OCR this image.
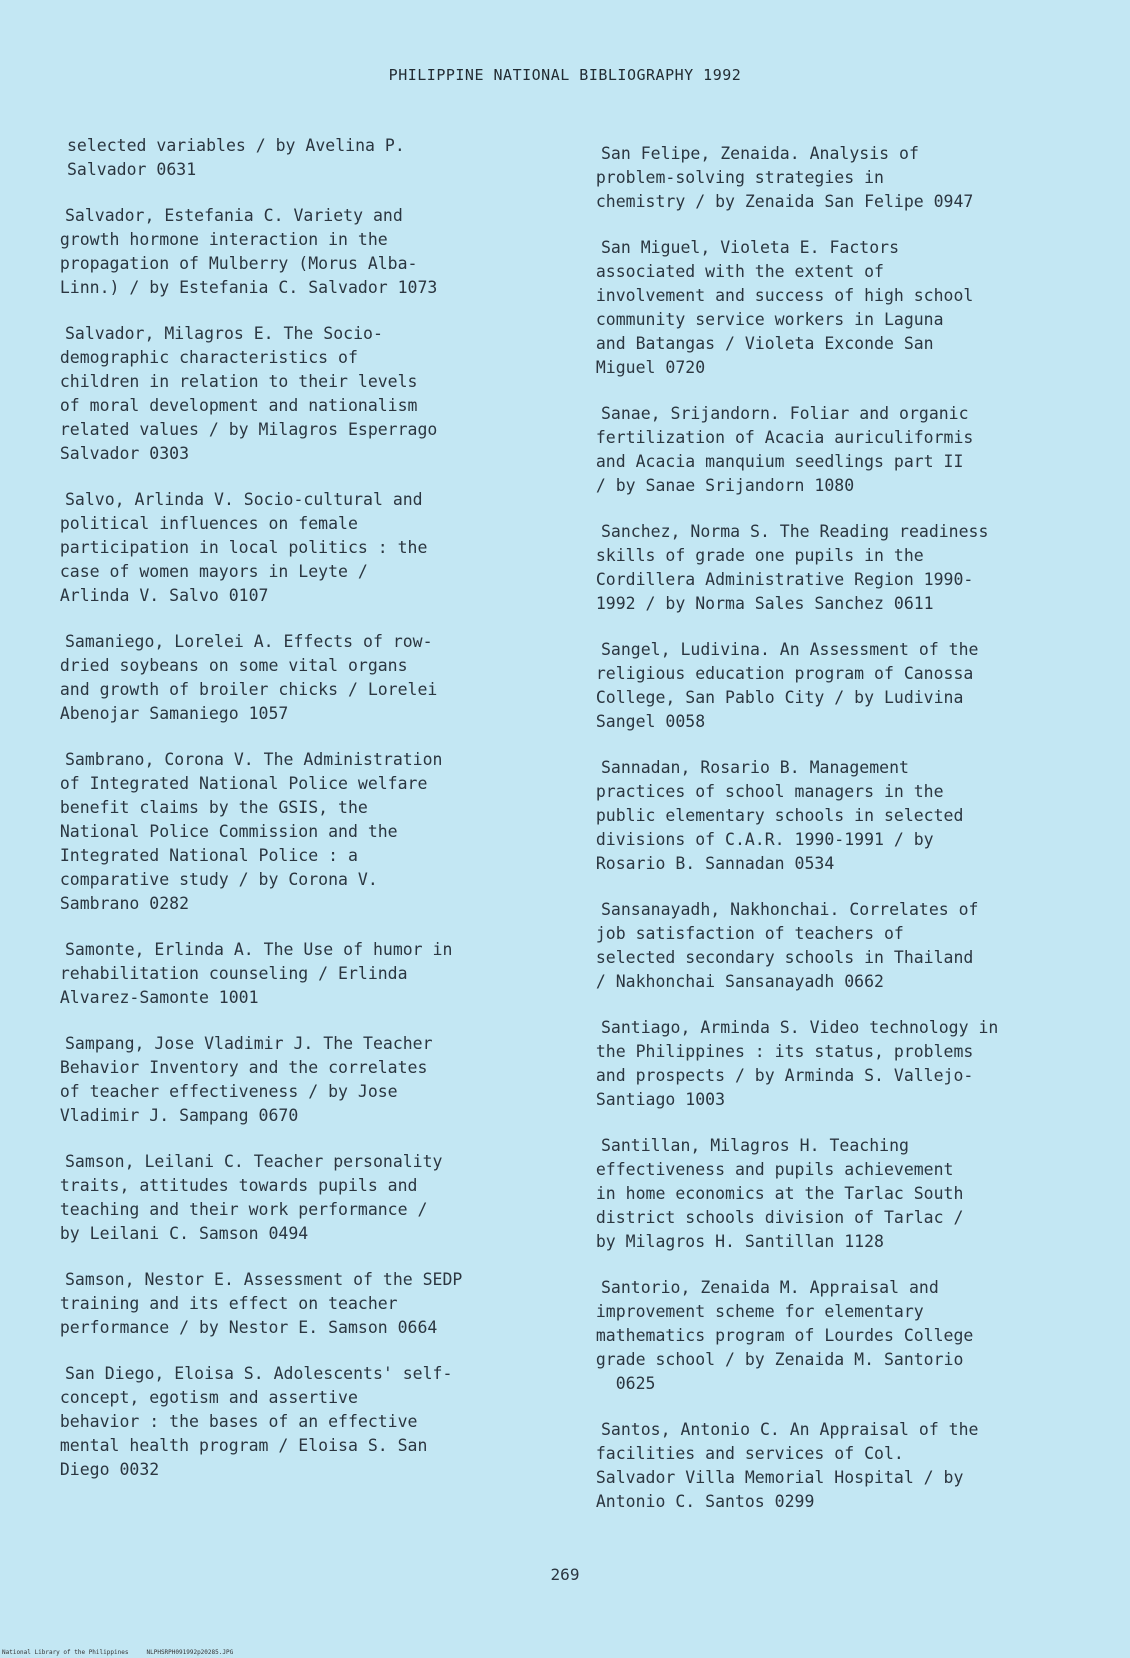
PHILIPPINE NATIONAL BIBLIOGRAPHY 1992
selected variables / by Avelina P.
Salvador 0631
Salvador, Estefania C. Variety and
growth hormone interaction in the
propagation of Mulberry (Morus Alba-
Linn.) / by Estefania C. Salvador 1073
Salvador, Milagros E. The Socio-
demographic characteristics of
children in relation to their levels
of moral development and nationalism
related values / by Milagros Esperrago
Salvador 0303
Salvo, Arlinda V. Socio-cultural and
political influences on female
participation in local politics : the
case of women mayors in Leyte /
Arlinda V. Salvo 0107
Samaniego, Lorelei A. Effects of row-
dried soybeans on some vital organs
and growth of broiler chicks / Lorelei
Abenojar Samaniego 1057
Sambrano, Corona V. The Administration
of Integrated National Police welfare
benefit claims by the GSIS, the
National Police Commission and the
Integrated National Police : a
comparative study / by Corona V.
Sambrano 0282
Samonte, Erlinda A. The Use of humor in
rehabilitation counseling / Erlinda
Alvarez-Samonte 1001
Sampang, Jose Vladimir J. The Teacher
Behavior Inventory and the correlates
of teacher effectiveness / by Jose
Vladimir J. Sampang 0670
Samson, Leilani C. Teacher personality
traits, attitudes towards pupils and
teaching and their work performance /
by Leilani C. Samson 0494
Samson, Nestor E. Assessment of the SEDP
training and its effect on teacher
performance / by Nestor E. Samson 0664
San Diego, Eloisa S. Adolescents' self-
concept, egotism and assertive
behavior : the bases of an effective
mental health program / Eloisa S. San
Diego 0032
San Felipe, Zenaida. Analysis of
problem-solving strategies in
chemistry / by Zenaida San Felipe 0947
San Miguel, Violeta E. Factors
associated with the extent of
involvement and success of high school
community service workers in Laguna
and Batangas / Violeta Exconde San
Miguel 0720
Sanae, Srijandorn. Foliar and organic
fertilization of Acacia auriculiformis
and Acacia manquium seedlings part II
/ by Sanae Srijandorn 1080
Sanchez, Norma S. The Reading readiness
skills of grade one pupils in the
Cordillera Administrative Region 1990-
1992 / by Norma Sales Sanchez 0611
Sangel, Ludivina. An Assessment of the
religious education program of Canossa
College, San Pablo City / by Ludivina
Sangel 0058
Sannadan, Rosario B. Management
practices of school managers in the
public elementary schools in selected
divisions of C.A.R. 1990-1991 / by
Rosario B. Sannadan 0534
Sansanayadh, Nakhonchai. Correlates of
job satisfaction of teachers of
selected secondary schools in Thailand
/ Nakhonchai Sansanayadh 0662
Santiago, Arminda S. Video technology in
the Philippines : its status, problems
and prospects / by Arminda S. Vallejo-
Santiago 1003
Santillan, Milagros H. Teaching
effectiveness and pupils achievement
in home economics at the Tarlac South
district schools division of Tarlac /
by Milagros H. Santillan 1128
Santorio, Zenaida M. Appraisal and
improvement scheme for elementary
mathematics program of Lourdes College
grade school / by Zenaida M. Santorio
0625
Santos, Antonio C. An Appraisal of the
facilities and services of Col.
Salvador Villa Memorial Hospital / by
Antonio C. Santos 0299
269
National Library of the Philippines     NLPHSRPH091992p20285.JPG
